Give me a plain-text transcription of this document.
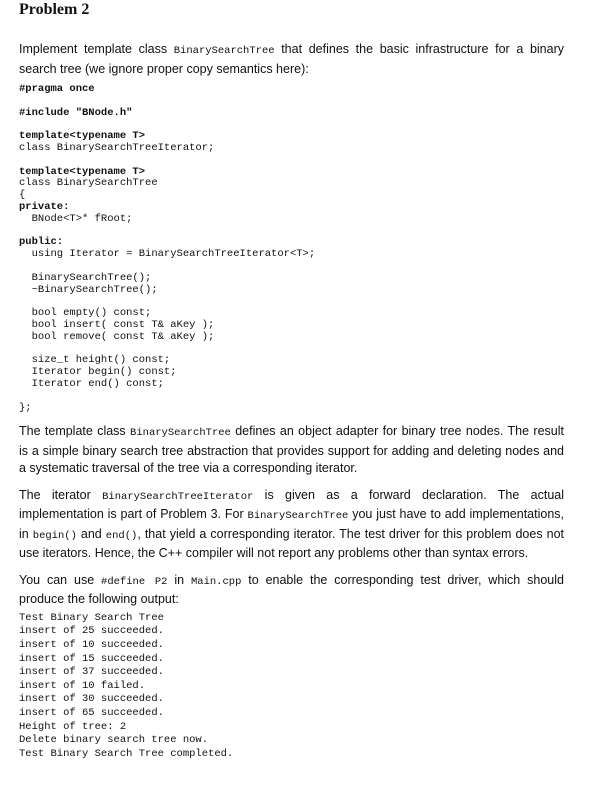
Problem 2

Implement template class BinarySearchTree that defines the basic infrastructure for a binary search tree (we ignore proper copy semantics here):

#pragma once

#include "BNode.h"

template<typename T>
class BinarySearchTreeIterator;

template<typename T>
class BinarySearchTree
{
private:
BNode<T>* fRoot;

public:
using Iterator = BinarySearchTreeIterator<T>;

BinarySearchTree();
~BinarySearchTree();

bool empty() const;
bool insert( const T& aKey );
bool remove( const T& aKey );

size_t height() const;
Iterator begin() const;
Iterator end() const;

};

The template class BinarySearchTree defines an object adapter for binary tree nodes. The result is a simple binary search tree abstraction that provides support for adding and deleting nodes and a systematic traversal of the tree via a corresponding iterator.

The iterator BinarySearchTreeIterator is given as a forward declaration. The actual implementation is part of Problem 3. For BinarySearchTree you just have to add implementations, in begin() and end(), that yield a corresponding iterator. The test driver for this problem does not use iterators. Hence, the C++ compiler will not report any problems other than syntax errors.

You can use #define P2 in Main.cpp to enable the corresponding test driver, which should produce the following output:

Test Binary Search Tree
insert of 25 succeeded.
insert of 10 succeeded.
insert of 15 succeeded.
insert of 37 succeeded.
insert of 10 failed.
insert of 30 succeeded.
insert of 65 succeeded.
Height of tree: 2
Delete binary search tree now.
Test Binary Search Tree completed.
